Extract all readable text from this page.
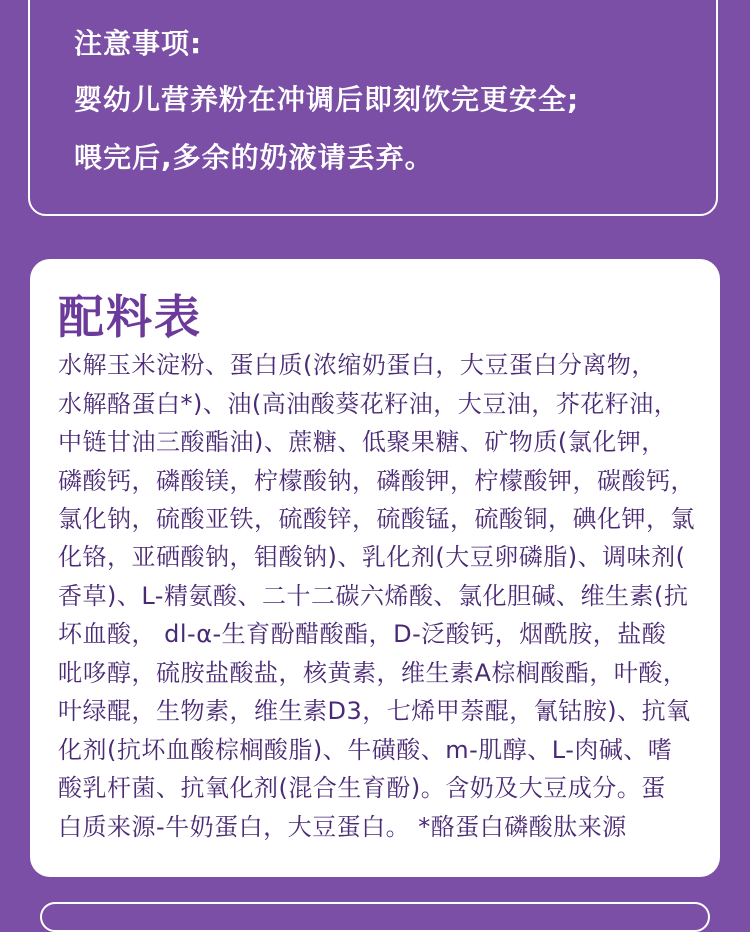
注意事项:
婴幼儿营养粉在冲调后即刻饮完更安全;
喂完后,多余的奶液请丢弃。
配料表
水解玉米淀粉、蛋白质(浓缩奶蛋白，大豆蛋白分离物，
水解酪蛋白*)、油(高油酸葵花籽油，大豆油，芥花籽油，
中链甘油三酸酯油)、蔗糖、低聚果糖、矿物质(氯化钾，
磷酸钙，磷酸镁，柠檬酸钠，磷酸钾，柠檬酸钾，碳酸钙，
氯化钠，硫酸亚铁，硫酸锌，硫酸锰，硫酸铜，碘化钾，氯
化铬，亚硒酸钠，钼酸钠)、乳化剂(大豆卵磷脂)、调味剂(
香草)、L-精氨酸、二十二碳六烯酸、氯化胆碱、维生素(抗
坏血酸， dl-α-生育酚醋酸酯，D-泛酸钙，烟酰胺，盐酸
吡哆醇，硫胺盐酸盐，核黄素，维生素A棕榈酸酯，叶酸，
叶绿醌，生物素，维生素D3，七烯甲萘醌，氰钴胺)、抗氧
化剂(抗坏血酸棕榈酸脂)、牛磺酸、m-肌醇、L-肉碱、嗜
酸乳杆菌、抗氧化剂(混合生育酚)。含奶及大豆成分。蛋
白质来源-牛奶蛋白，大豆蛋白。 *酪蛋白磷酸肽来源
